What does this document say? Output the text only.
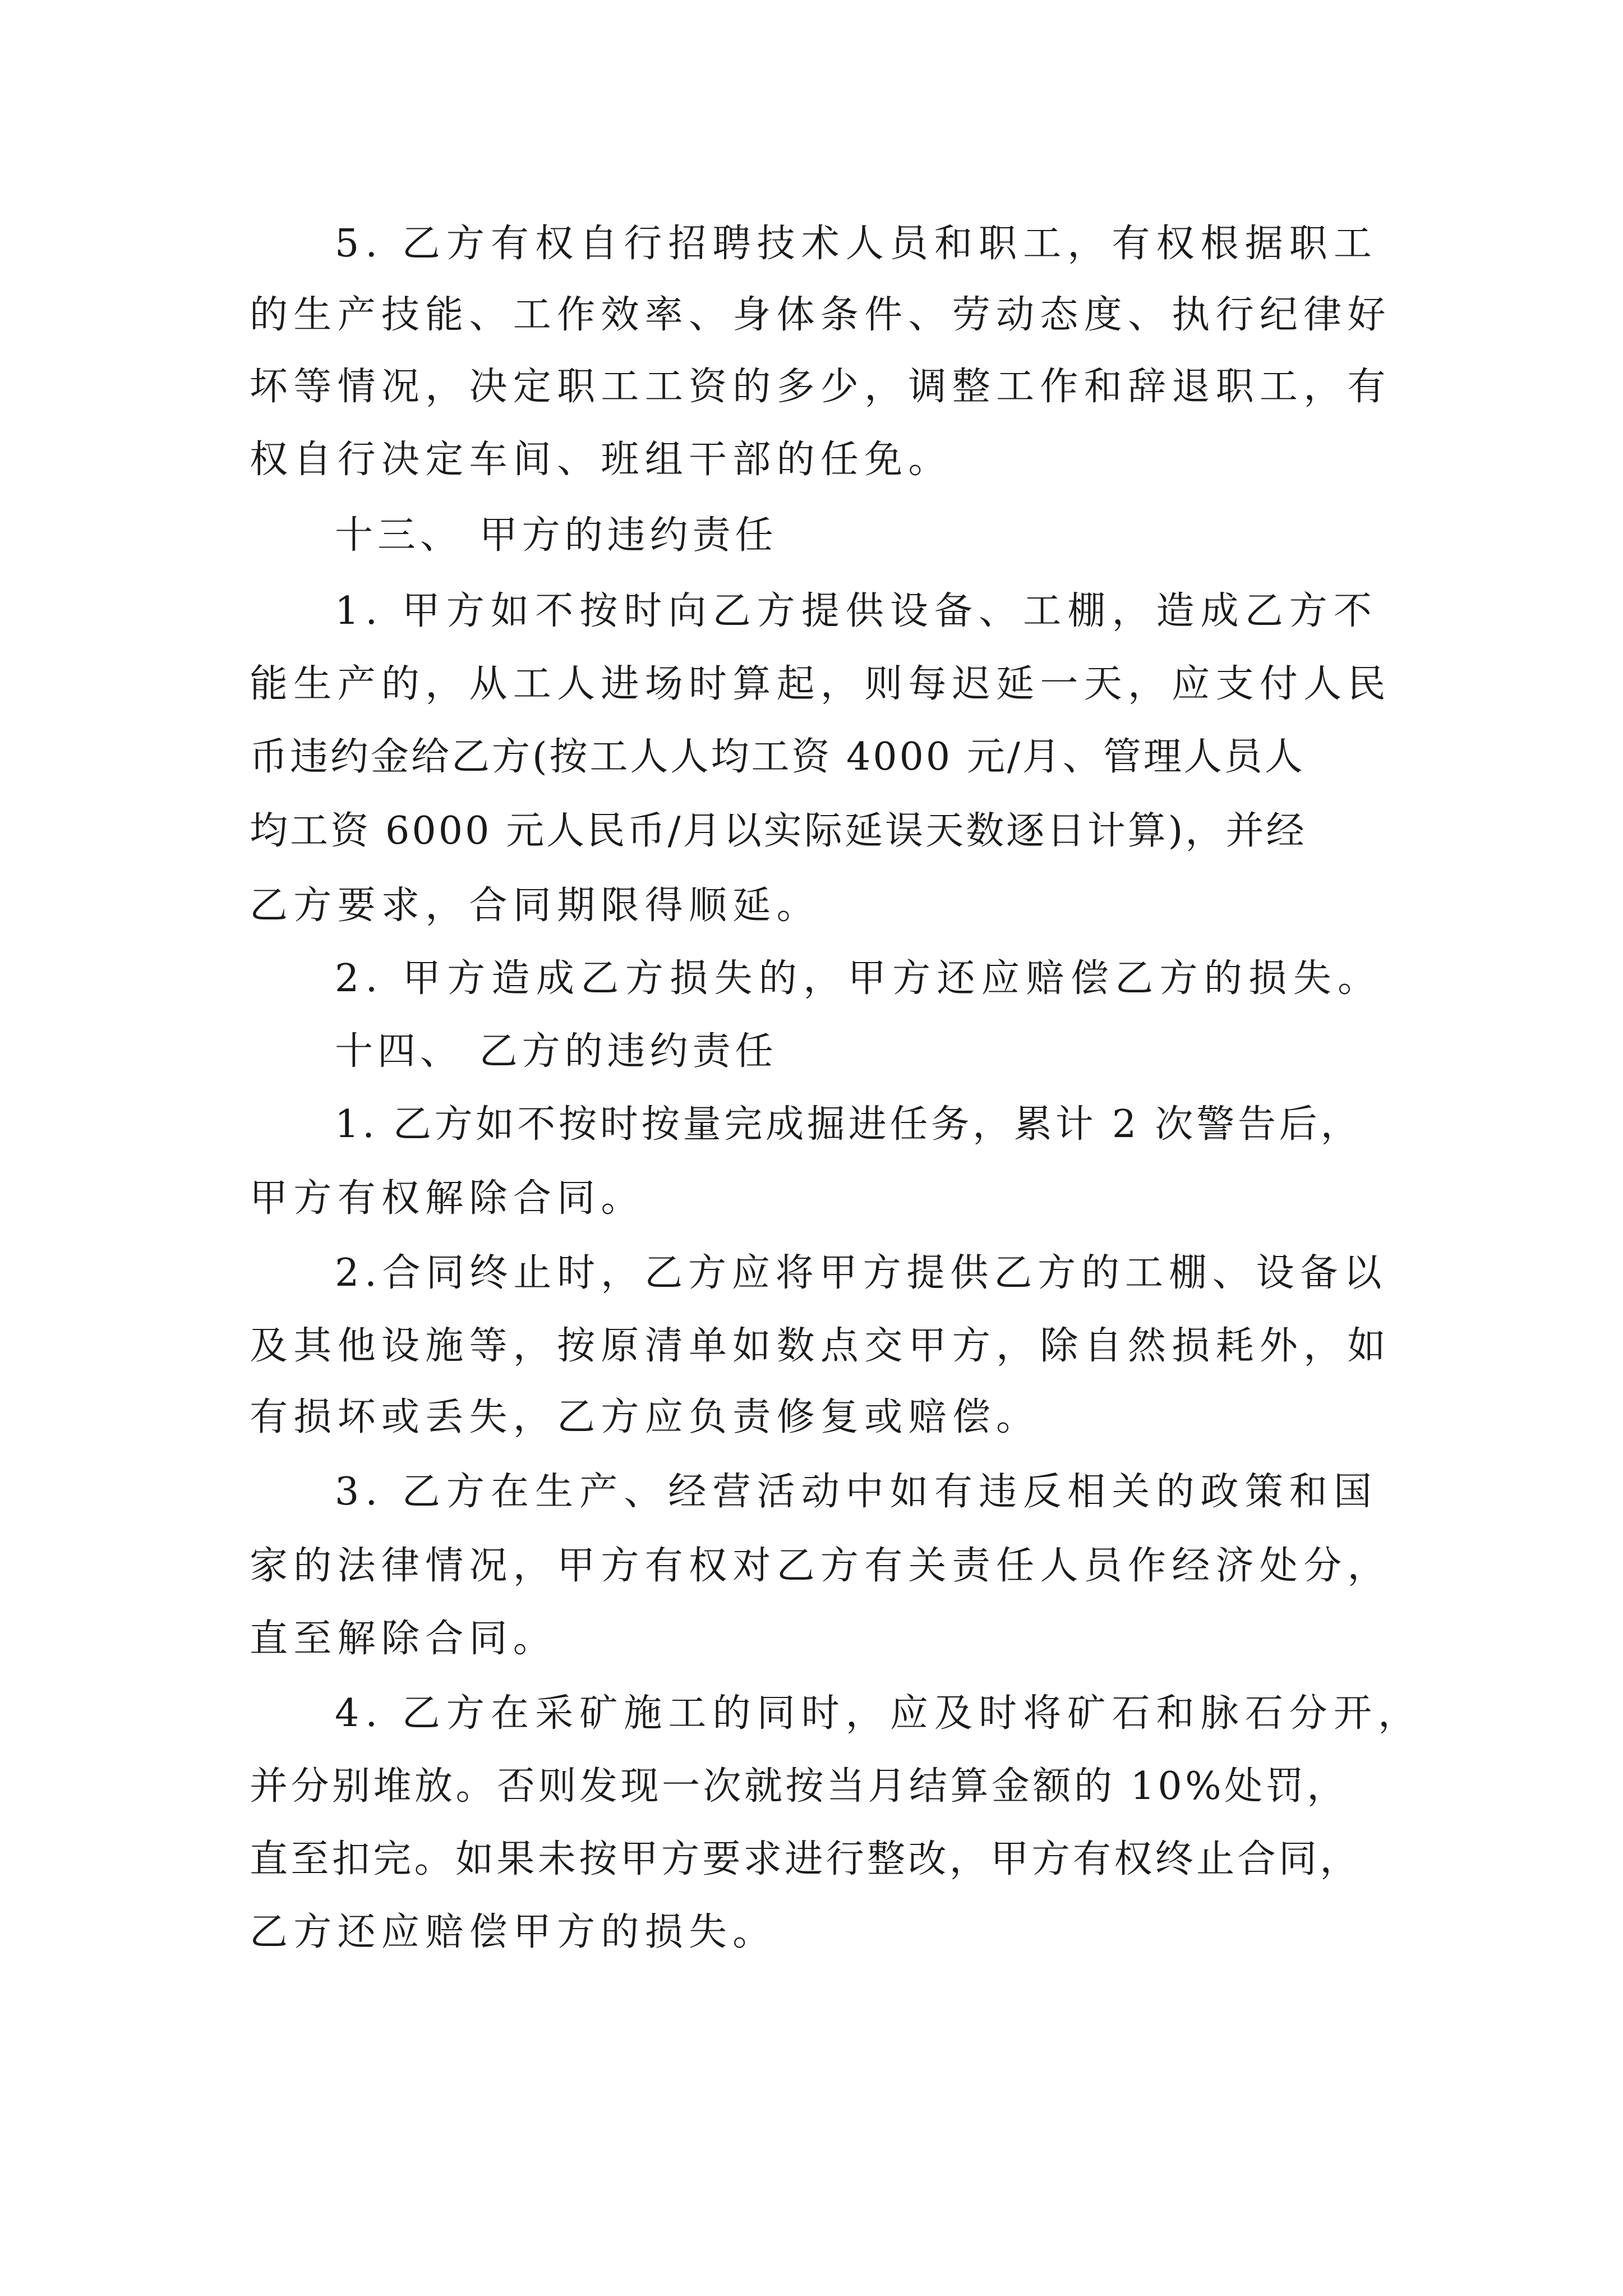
5. 乙方有权自行招聘技术人员和职工，有权根据职工
的生产技能、工作效率、身体条件、劳动态度、执行纪律好
坏等情况，决定职工工资的多少，调整工作和辞退职工，有
权自行决定车间、班组干部的任免。
十三、 甲方的违约责任
1. 甲方如不按时向乙方提供设备、工棚，造成乙方不
能生产的，从工人进场时算起，则每迟延一天，应支付人民
币违约金给乙方(按工人人均工资 4000 元/月、管理人员人
均工资 6000 元人民币/月以实际延误天数逐日计算)，并经
乙方要求，合同期限得顺延。
2. 甲方造成乙方损失的，甲方还应赔偿乙方的损失。
十四、 乙方的违约责任
1. 乙方如不按时按量完成掘进任务，累计 2 次警告后，
甲方有权解除合同。
2.合同终止时，乙方应将甲方提供乙方的工棚、设备以
及其他设施等，按原清单如数点交甲方，除自然损耗外，如
有损坏或丢失，乙方应负责修复或赔偿。
3. 乙方在生产、经营活动中如有违反相关的政策和国
家的法律情况，甲方有权对乙方有关责任人员作经济处分，
直至解除合同。
4. 乙方在采矿施工的同时，应及时将矿石和脉石分开，
并分别堆放。否则发现一次就按当月结算金额的 10%处罚，
直至扣完。如果未按甲方要求进行整改，甲方有权终止合同，
乙方还应赔偿甲方的损失。
